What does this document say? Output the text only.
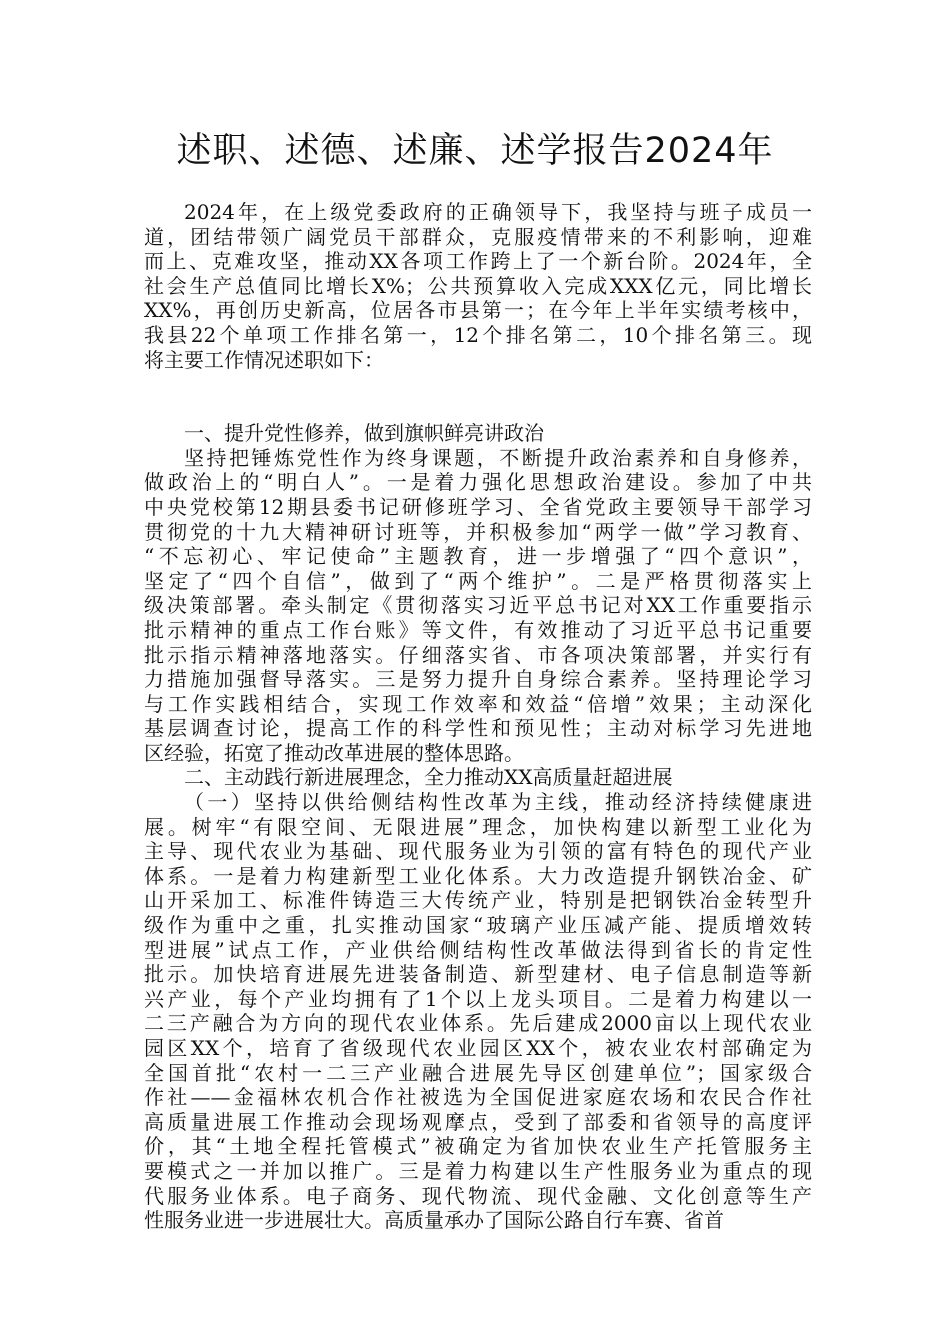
述职、述德、述廉、述学报告2024年
2024年，在上级党委政府的正确领导下，我坚持与班子成员一
道，团结带领广阔党员干部群众，克服疫情带来的不利影响，迎难
而上、克难攻坚，推动XX各项工作跨上了一个新台阶。2024年，全
社会生产总值同比增长X%；公共预算收入完成XXX亿元，同比增长
XX%，再创历史新高，位居各市县第一；在今年上半年实绩考核中，
我县22个单项工作排名第一，12个排名第二，10个排名第三。现
将主要工作情况述职如下：
一、提升党性修养，做到旗帜鲜亮讲政治
坚持把锤炼党性作为终身课题，不断提升政治素养和自身修养，
做政治上的“明白人”。一是着力强化思想政治建设。参加了中共
中央党校第12期县委书记研修班学习、全省党政主要领导干部学习
贯彻党的十九大精神研讨班等，并积极参加“两学一做”学习教育、
“不忘初心、牢记使命”主题教育，进一步增强了“四个意识”，
坚定了“四个自信”，做到了“两个维护”。二是严格贯彻落实上
级决策部署。牵头制定《贯彻落实习近平总书记对XX工作重要指示
批示精神的重点工作台账》等文件，有效推动了习近平总书记重要
批示指示精神落地落实。仔细落实省、市各项决策部署，并实行有
力措施加强督导落实。三是努力提升自身综合素养。坚持理论学习
与工作实践相结合，实现工作效率和效益“倍增”效果；主动深化
基层调查讨论，提高工作的科学性和预见性；主动对标学习先进地
区经验，拓宽了推动改革进展的整体思路。
二、主动践行新进展理念，全力推动XX高质量赶超进展
（一）坚持以供给侧结构性改革为主线，推动经济持续健康进
展。树牢“有限空间、无限进展”理念，加快构建以新型工业化为
主导、现代农业为基础、现代服务业为引领的富有特色的现代产业
体系。一是着力构建新型工业化体系。大力改造提升钢铁冶金、矿
山开采加工、标准件铸造三大传统产业，特别是把钢铁冶金转型升
级作为重中之重，扎实推动国家“玻璃产业压减产能、提质增效转
型进展”试点工作，产业供给侧结构性改革做法得到省长的肯定性
批示。加快培育进展先进装备制造、新型建材、电子信息制造等新
兴产业，每个产业均拥有了1个以上龙头项目。二是着力构建以一
二三产融合为方向的现代农业体系。先后建成2000亩以上现代农业
园区XX个，培育了省级现代农业园区XX个，被农业农村部确定为
全国首批“农村一二三产业融合进展先导区创建单位”；国家级合
作社——金福林农机合作社被选为全国促进家庭农场和农民合作社
高质量进展工作推动会现场观摩点，受到了部委和省领导的高度评
价，其“土地全程托管模式”被确定为省加快农业生产托管服务主
要模式之一并加以推广。三是着力构建以生产性服务业为重点的现
代服务业体系。电子商务、现代物流、现代金融、文化创意等生产
性服务业进一步进展壮大。高质量承办了国际公路自行车赛、省首
